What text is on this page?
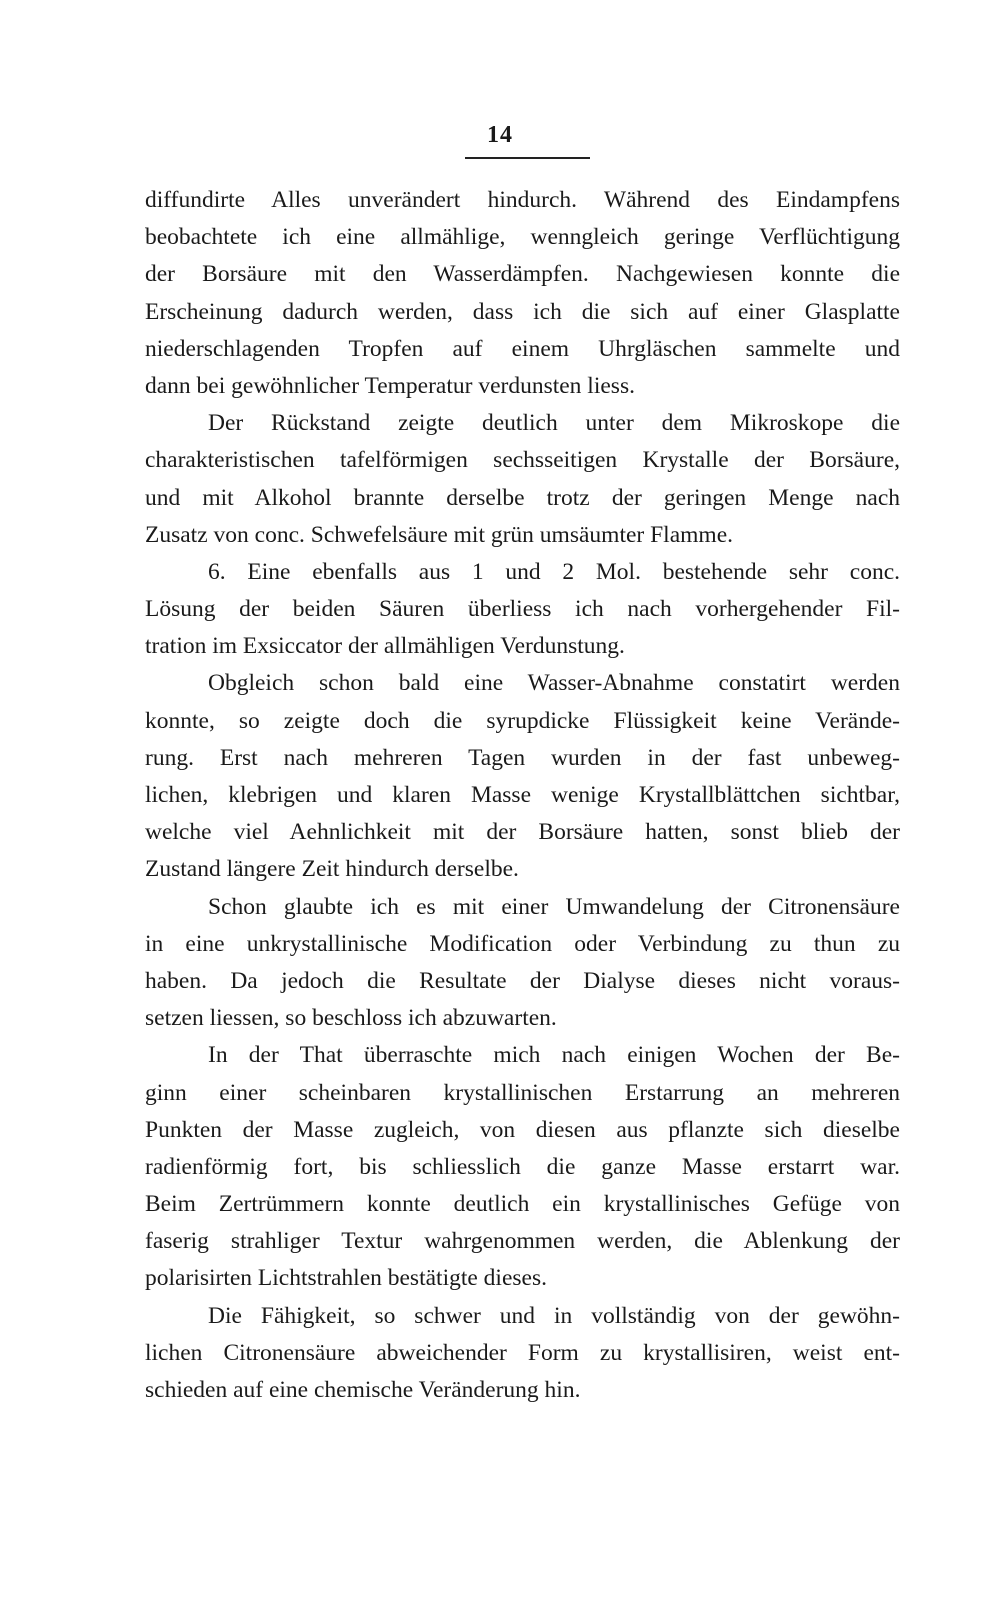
14
diffundirte Alles unverändert hindurch. Während des Eindampfens
beobachtete ich eine allmählige, wenngleich geringe Verflüchtigung
der Borsäure mit den Wasserdämpfen. Nachgewiesen konnte die
Erscheinung dadurch werden, dass ich die sich auf einer Glasplatte
niederschlagenden Tropfen auf einem Uhrgläschen sammelte und
dann bei gewöhnlicher Temperatur verdunsten liess.
Der Rückstand zeigte deutlich unter dem Mikroskope die
charakteristischen tafelförmigen sechsseitigen Krystalle der Borsäure,
und mit Alkohol brannte derselbe trotz der geringen Menge nach
Zusatz von conc. Schwefelsäure mit grün umsäumter Flamme.
6. Eine ebenfalls aus 1 und 2 Mol. bestehende sehr conc.
Lösung der beiden Säuren überliess ich nach vorhergehender Fil-
tration im Exsiccator der allmähligen Verdunstung.
Obgleich schon bald eine Wasser-Abnahme constatirt werden
konnte, so zeigte doch die syrupdicke Flüssigkeit keine Verände-
rung. Erst nach mehreren Tagen wurden in der fast unbeweg-
lichen, klebrigen und klaren Masse wenige Krystallblättchen sichtbar,
welche viel Aehnlichkeit mit der Borsäure hatten, sonst blieb der
Zustand längere Zeit hindurch derselbe.
Schon glaubte ich es mit einer Umwandelung der Citronensäure
in eine unkrystallinische Modification oder Verbindung zu thun zu
haben. Da jedoch die Resultate der Dialyse dieses nicht voraus-
setzen liessen, so beschloss ich abzuwarten.
In der That überraschte mich nach einigen Wochen der Be-
ginn einer scheinbaren krystallinischen Erstarrung an mehreren
Punkten der Masse zugleich, von diesen aus pflanzte sich dieselbe
radienförmig fort, bis schliesslich die ganze Masse erstarrt war.
Beim Zertrümmern konnte deutlich ein krystallinisches Gefüge von
faserig strahliger Textur wahrgenommen werden, die Ablenkung der
polarisirten Lichtstrahlen bestätigte dieses.
Die Fähigkeit, so schwer und in vollständig von der gewöhn-
lichen Citronensäure abweichender Form zu krystallisiren, weist ent-
schieden auf eine chemische Veränderung hin.
